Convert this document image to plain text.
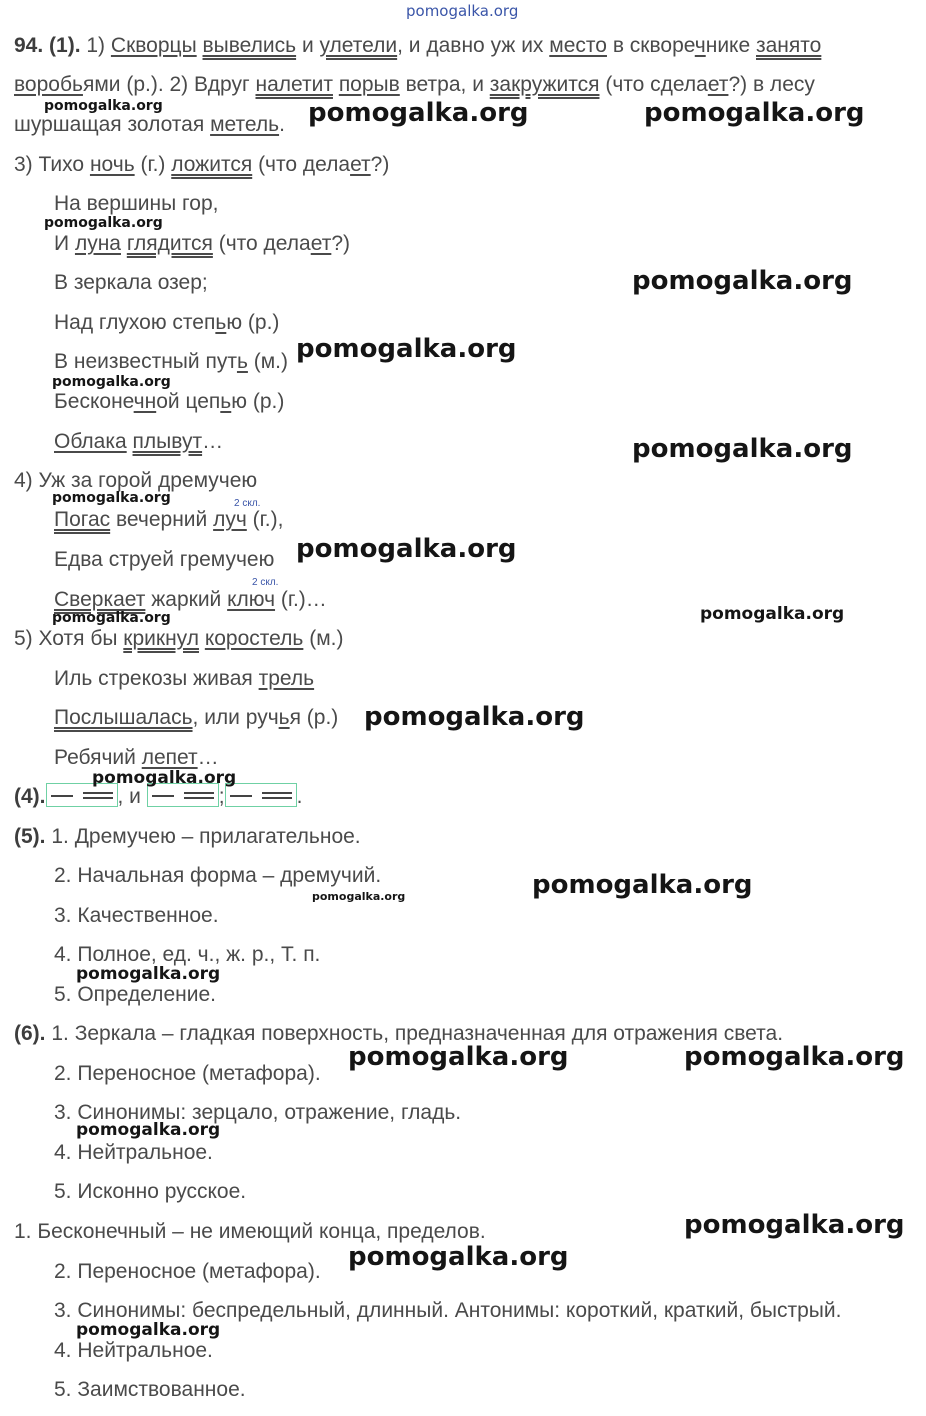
pomogalka.org
94. (1). 1) Скворцы вывелись и улетели, и давно уж их место в скворечнике занято
воробьями (р.). 2) Вдруг налетит порыв ветра, и закружится (что сделает?) в лесу
шуршащая золотая метель.
3) Тихо ночь (г.) ложится (что делает?)
На вершины гор,
И луна глядится (что делает?)
В зеркала озер;
Над глухою степью (р.)
В неизвестный путь (м.)
Бесконечной цепью (р.)
Облака плывут…
4) Уж за горой дремучею
2 скл.
Погас вечерний луч (г.),
Едва струей гремучею
2 скл.
Сверкает жаркий ключ (г.)…
5) Хотя бы крикнул коростель (м.)
Иль стрекозы живая трель
Послышалась, или ручья (р.)
Ребячий лепет…
(4).	, и	;	.
(5). 1. Дремучею – прилагательное.
2. Начальная форма – дремучий.
3. Качественное.
4. Полное, ед. ч., ж. р., Т. п.
5. Определение.
(6). 1. Зеркала – гладкая поверхность, предназначенная для отражения света.
2. Переносное (метафора).
3. Синонимы: зерцало, отражение, гладь.
4. Нейтральное.
5. Исконно русское.
1. Бесконечный – не имеющий конца, пределов.
2. Переносное (метафора).
3. Синонимы: беспредельный, длинный. Антонимы: короткий, краткий, быстрый.
4. Нейтральное.
5. Заимствованное.
pomogalka.org	pomogalka.org	pomogalka.org
pomogalka.org
pomogalka.org
pomogalka.org
pomogalka.org
pomogalka.org
pomogalka.org
pomogalka.org
pomogalka.org	pomogalka.org
pomogalka.org
pomogalka.org
pomogalka.org
pomogalka.org
pomogalka.org
pomogalka.org	pomogalka.org
pomogalka.org
pomogalka.org
pomogalka.org
pomogalka.org
